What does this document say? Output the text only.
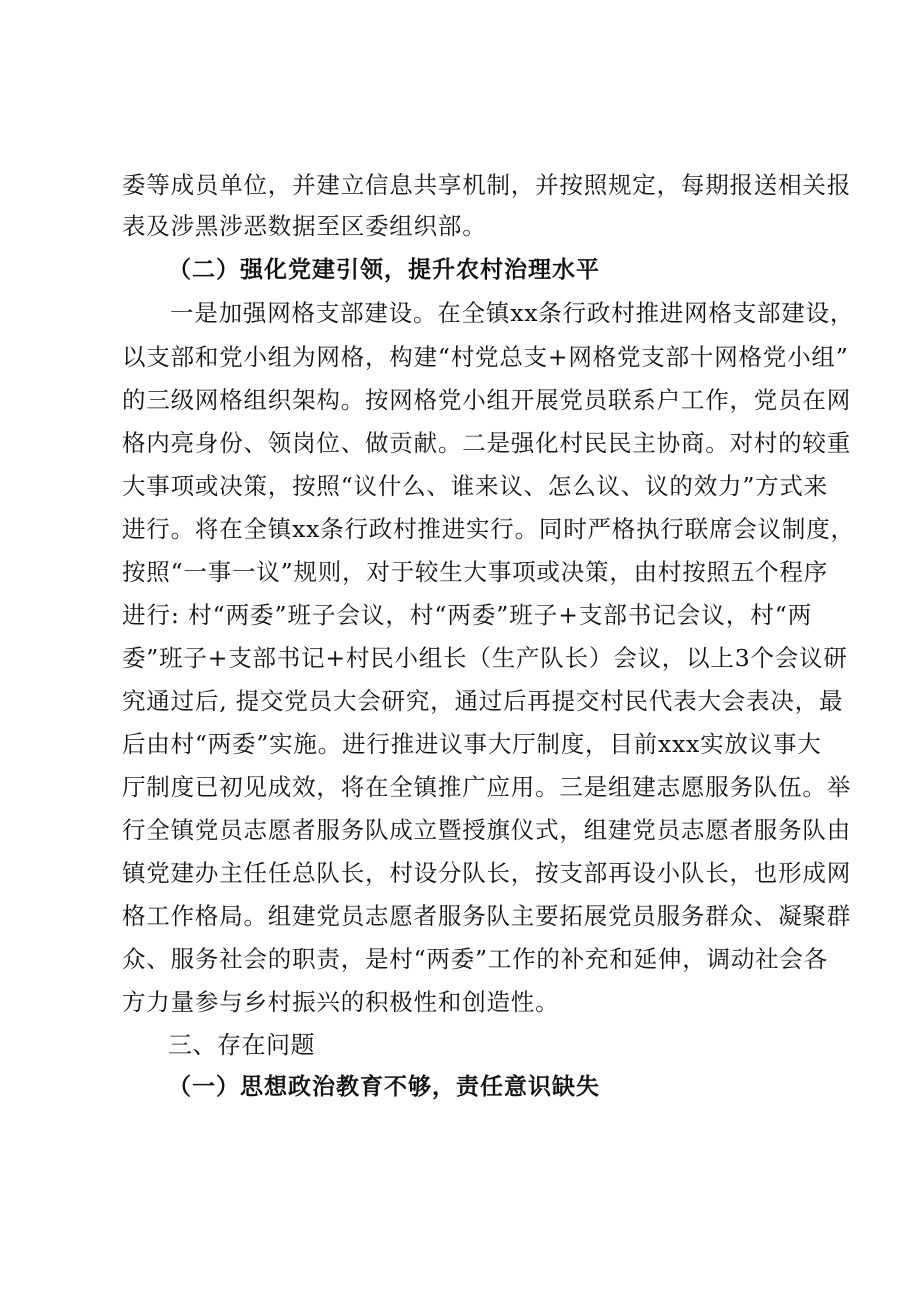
委等成员单位，并建立信息共享机制，并按照规定，每期报送相关报
表及涉黑涉恶数据至区委组织部。
（二）强化党建引领，提升农村治理水平
一是加强网格支部建设。在全镇xx条行政村推进网格支部建设，
以支部和党小组为网格，构建“村党总支+网格党支部十网格党小组”
的三级网格组织架构。按网格党小组开展党员联系户工作，党员在网
格内亮身份、领岗位、做贡献。二是强化村民民主协商。对村的较重
大事项或决策，按照“议什么、谁来议、怎么议、议的效力”方式来
进行。将在全镇xx条行政村推进实行。同时严格执行联席会议制度，
按照“一事一议”规则，对于较生大事项或决策，由村按照五个程序
进行: 村“两委”班子会议，村“两委”班子+支部书记会议，村“两
委”班子+支部书记+村民小组长（生产队长）会议，以上3个会议研
究通过后, 提交党员大会研究，通过后再提交村民代表大会表决，最
后由村“两委”实施。进行推进议事大厅制度，目前xxx实放议事大
厅制度已初见成效，将在全镇推广应用。三是组建志愿服务队伍。举
行全镇党员志愿者服务队成立暨授旗仪式，组建党员志愿者服务队由
镇党建办主任任总队长，村设分队长，按支部再设小队长，也形成网
格工作格局。组建党员志愿者服务队主要拓展党员服务群众、凝聚群
众、服务社会的职责，是村“两委”工作的补充和延伸，调动社会各
方力量参与乡村振兴的积极性和创造性。
三、存在问题
（一）思想政治教育不够，责任意识缺失
